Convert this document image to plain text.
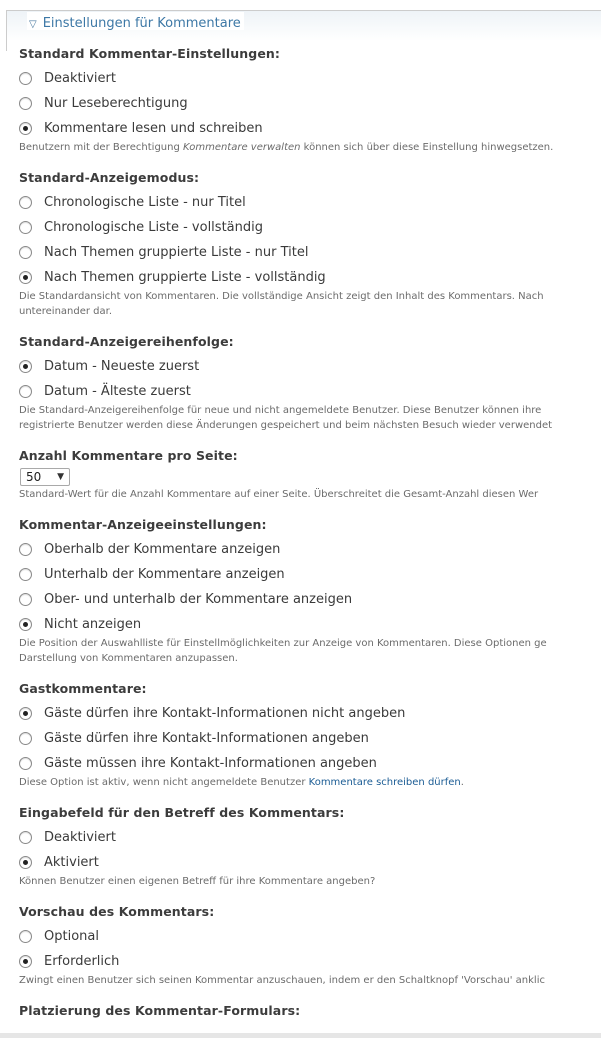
▽ Einstellungen für Kommentare
Standard Kommentar-Einstellungen:
Deaktiviert
Nur Leseberechtigung
Kommentare lesen und schreiben
Benutzern mit der Berechtigung Kommentare verwalten können sich über diese Einstellung hinwegsetzen.
Standard-Anzeigemodus:
Chronologische Liste - nur Titel
Chronologische Liste - vollständig
Nach Themen gruppierte Liste - nur Titel
Nach Themen gruppierte Liste - vollständig
Die Standardansicht von Kommentaren. Die vollständige Ansicht zeigt den Inhalt des Kommentars. Nach
untereinander dar.
Standard-Anzeigereihenfolge:
Datum - Neueste zuerst
Datum - Älteste zuerst
Die Standard-Anzeigereihenfolge für neue und nicht angemeldete Benutzer. Diese Benutzer können ihre
registrierte Benutzer werden diese Änderungen gespeichert und beim nächsten Besuch wieder verwendet
Anzahl Kommentare pro Seite:
50	▼
Standard-Wert für die Anzahl Kommentare auf einer Seite. Überschreitet die Gesamt-Anzahl diesen Wer
Kommentar-Anzeigeeinstellungen:
Oberhalb der Kommentare anzeigen
Unterhalb der Kommentare anzeigen
Ober- und unterhalb der Kommentare anzeigen
Nicht anzeigen
Die Position der Auswahlliste für Einstellmöglichkeiten zur Anzeige von Kommentaren. Diese Optionen ge
Darstellung von Kommentaren anzupassen.
Gastkommentare:
Gäste dürfen ihre Kontakt-Informationen nicht angeben
Gäste dürfen ihre Kontakt-Informationen angeben
Gäste müssen ihre Kontakt-Informationen angeben
Diese Option ist aktiv, wenn nicht angemeldete Benutzer Kommentare schreiben dürfen.
Eingabefeld für den Betreff des Kommentars:
Deaktiviert
Aktiviert
Können Benutzer einen eigenen Betreff für ihre Kommentare angeben?
Vorschau des Kommentars:
Optional
Erforderlich
Zwingt einen Benutzer sich seinen Kommentar anzuschauen, indem er den Schaltknopf 'Vorschau' anklic
Platzierung des Kommentar-Formulars:
